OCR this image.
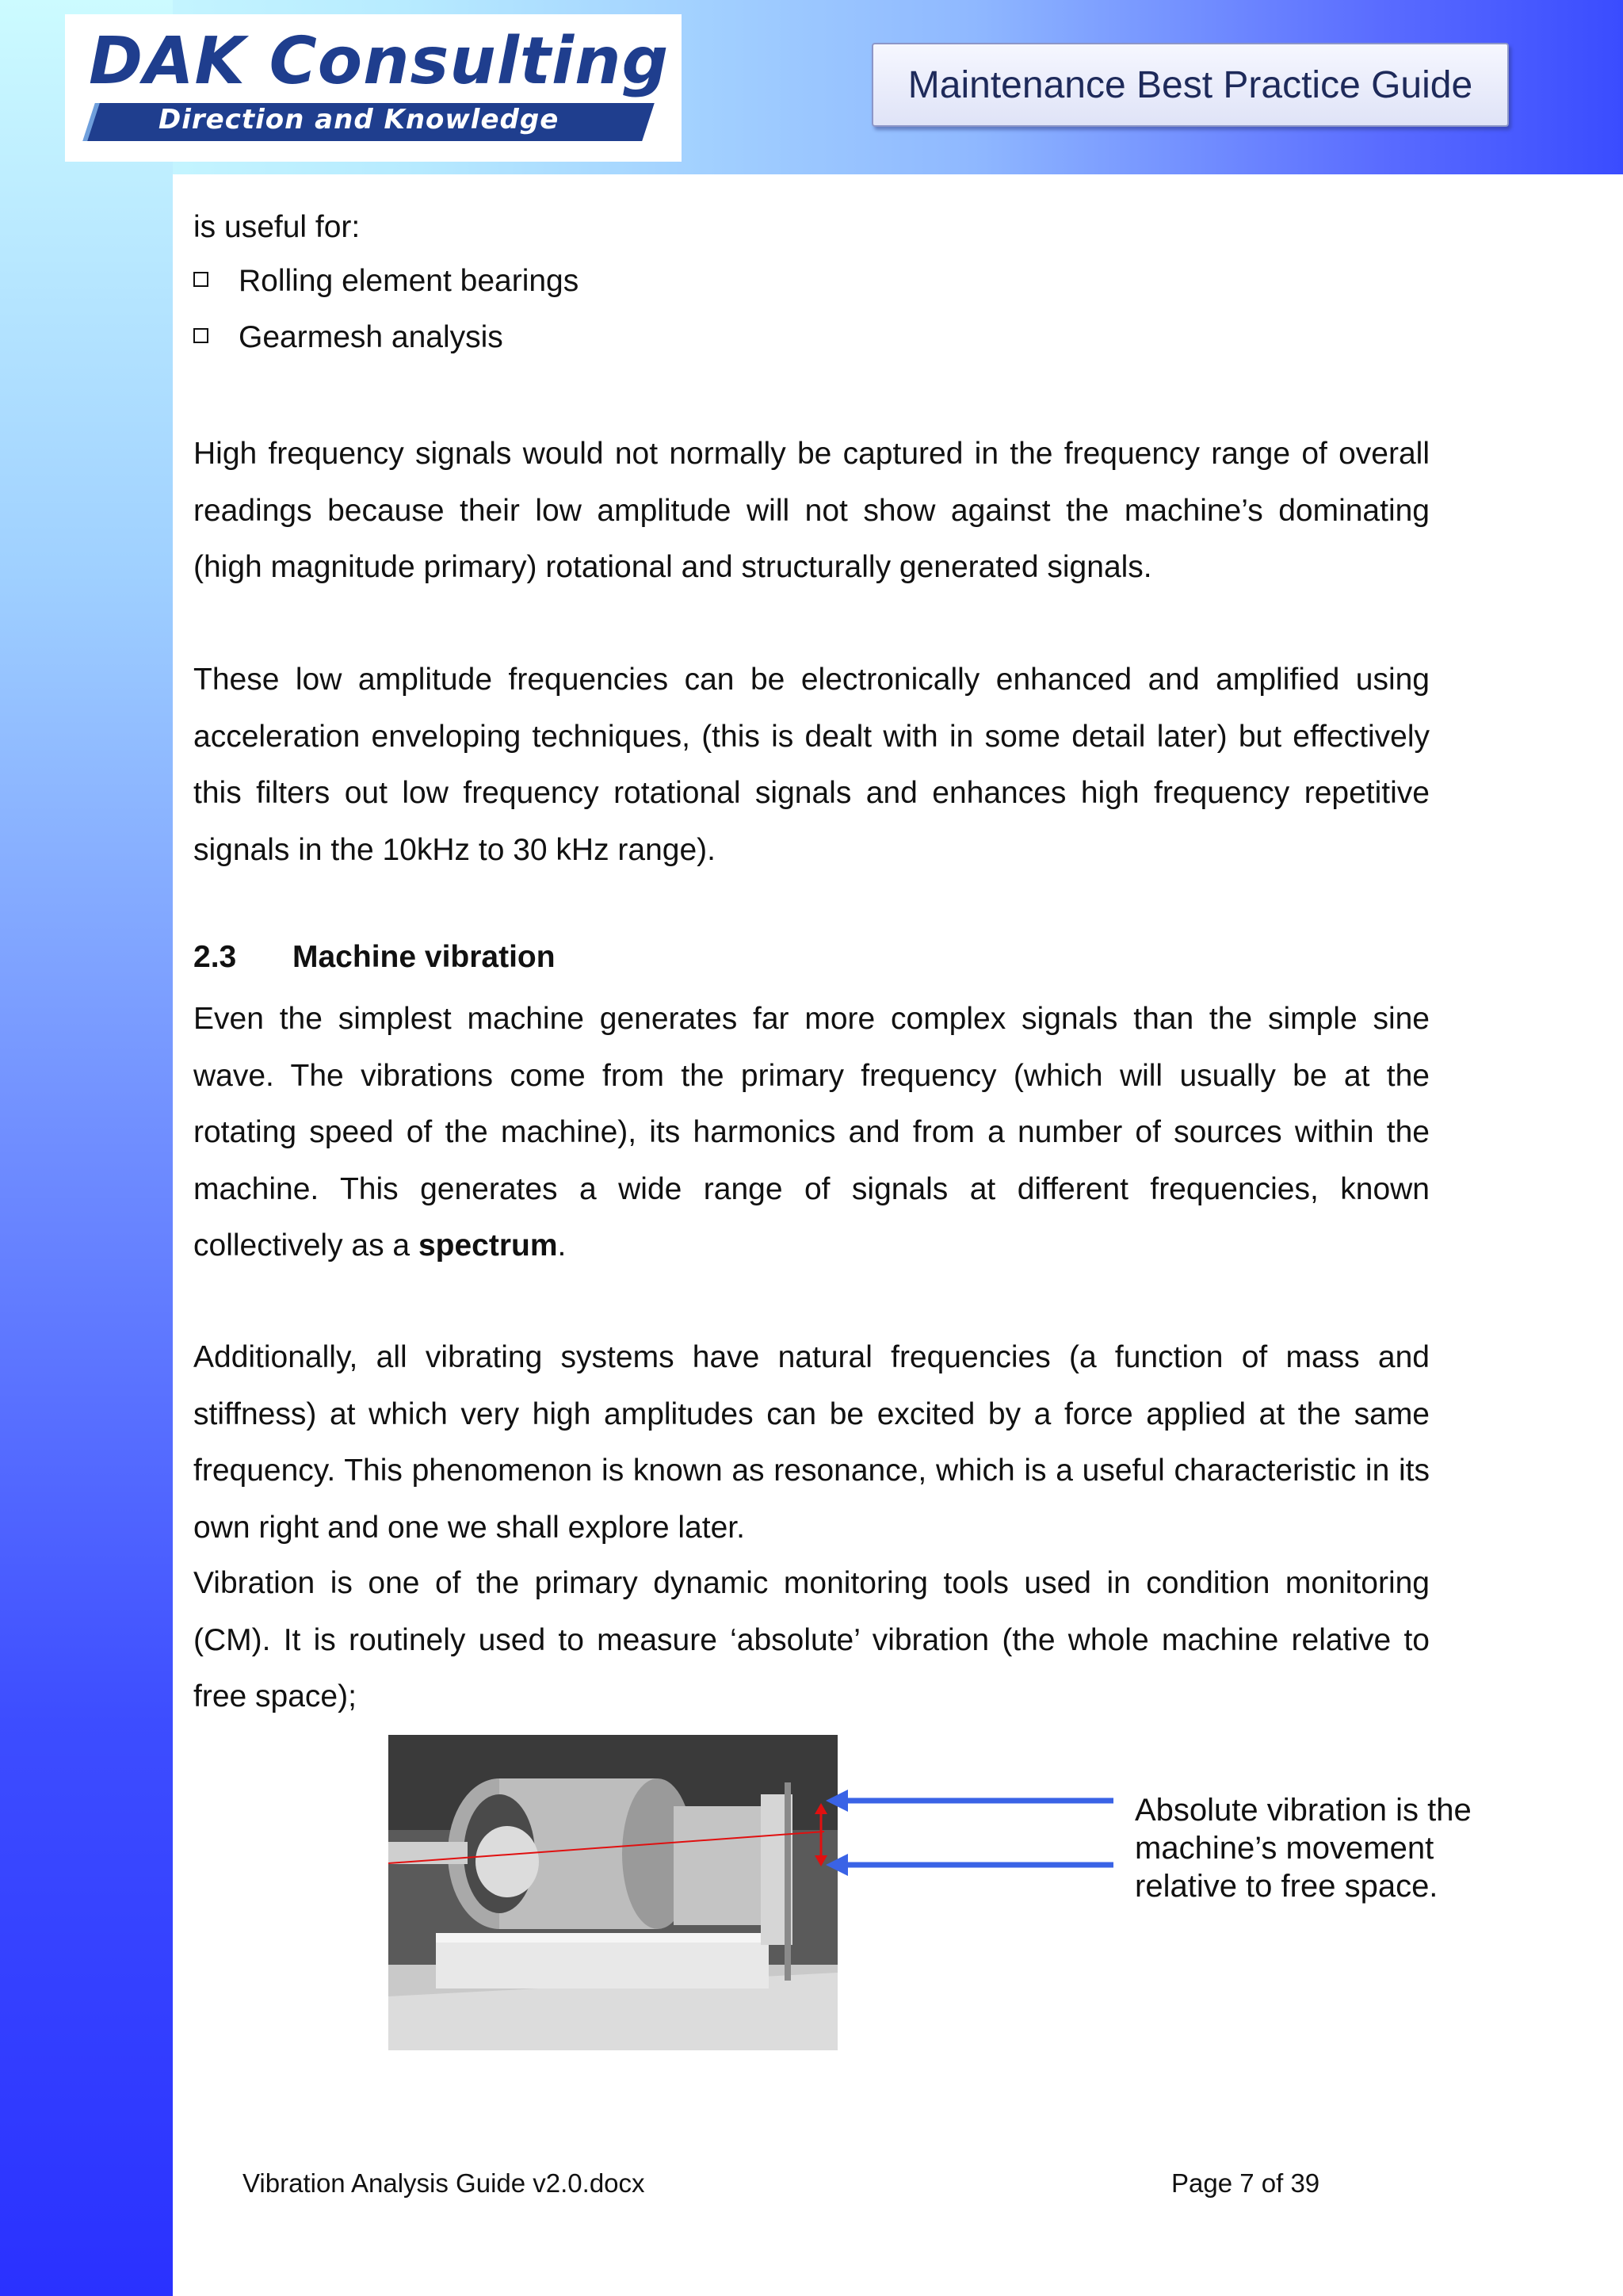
DAK Consulting
Direction and Knowledge
Maintenance Best Practice Guide
is useful for:
Rolling element bearings
Gearmesh analysis
High frequency signals would not normally be captured in the frequency range of overall readings because their low amplitude will not show against the machine’s dominating (high magnitude primary) rotational and structurally generated signals.
These low amplitude frequencies can be electronically enhanced and amplified using acceleration enveloping techniques, (this is dealt with in some detail later) but effectively this filters out low frequency rotational signals and enhances high frequency repetitive signals in the 10kHz to 30 kHz range).
2.3 Machine vibration
Even the simplest machine generates far more complex signals than the simple sine wave. The vibrations come from the primary frequency (which will usually be at the rotating speed of the machine), its harmonics and from a number of sources within the machine. This generates a wide range of signals at different frequencies, known collectively as a spectrum.
Additionally, all vibrating systems have natural frequencies (a function of mass and stiffness) at which very high amplitudes can be excited by a force applied at the same frequency. This phenomenon is known as resonance, which is a useful characteristic in its own right and one we shall explore later.
Vibration is one of the primary dynamic monitoring tools used in condition monitoring (CM). It is routinely used to measure ‘absolute’ vibration (the whole machine relative to free space);
Absolute vibration is the
machine’s movement
relative to free space.
Vibration Analysis Guide v2.0.docx	Page 7 of 39
